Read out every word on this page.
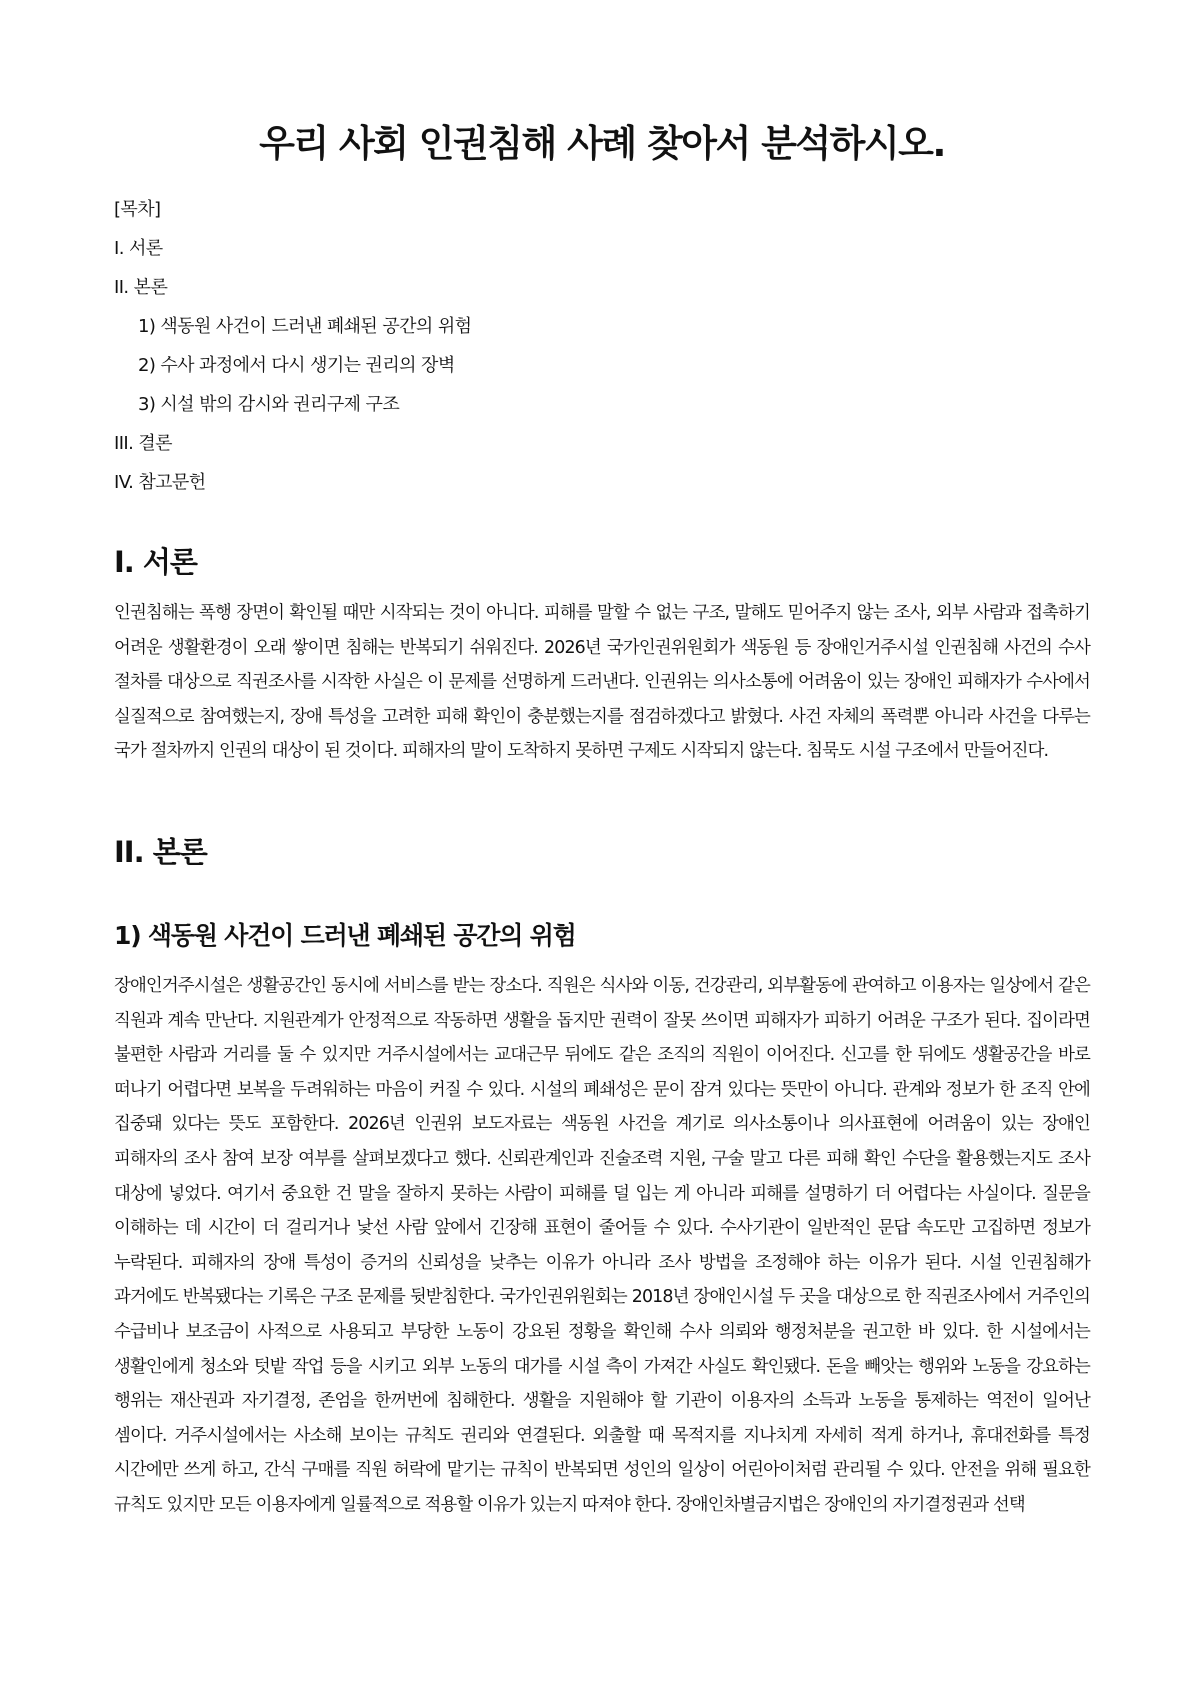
우리 사회 인권침해 사례 찾아서 분석하시오.
[목차]
I. 서론
II. 본론
1) 색동원 사건이 드러낸 폐쇄된 공간의 위험
2) 수사 과정에서 다시 생기는 권리의 장벽
3) 시설 밖의 감시와 권리구제 구조
III. 결론
IV. 참고문헌
I. 서론

인권침해는 폭행 장면이 확인될 때만 시작되는 것이 아니다. 피해를 말할 수 없는 구조, 말해도 믿어주지 않는 조사, 외부 사람과 접촉하기 어려운 생활환경이 오래 쌓이면 침해는 반복되기 쉬워진다. 2026년 국가인권위원회가 색동원 등 장애인거주시설 인권침해 사건의 수사 절차를 대상으로 직권조사를 시작한 사실은 이 문제를 선명하게 드러낸다. 인권위는 의사소통에 어려움이 있는 장애인 피해자가 수사에서 실질적으로 참여했는지, 장애 특성을 고려한 피해 확인이 충분했는지를 점검하겠다고 밝혔다. 사건 자체의 폭력뿐 아니라 사건을 다루는 국가 절차까지 인권의 대상이 된 것이다. 피해자의 말이 도착하지 못하면 구제도 시작되지 않는다. 침묵도 시설 구조에서 만들어진다.

II. 본론
1) 색동원 사건이 드러낸 폐쇄된 공간의 위험

장애인거주시설은 생활공간인 동시에 서비스를 받는 장소다. 직원은 식사와 이동, 건강관리, 외부활동에 관여하고 이용자는 일상에서 같은 직원과 계속 만난다. 지원관계가 안정적으로 작동하면 생활을 돕지만 권력이 잘못 쓰이면 피해자가 피하기 어려운 구조가 된다. 집이라면 불편한 사람과 거리를 둘 수 있지만 거주시설에서는 교대근무 뒤에도 같은 조직의 직원이 이어진다. 신고를 한 뒤에도 생활공간을 바로 떠나기 어렵다면 보복을 두려워하는 마음이 커질 수 있다. 시설의 폐쇄성은 문이 잠겨 있다는 뜻만이 아니다. 관계와 정보가 한 조직 안에 집중돼 있다는 뜻도 포함한다. 2026년 인권위 보도자료는 색동원 사건을 계기로 의사소통이나 의사표현에 어려움이 있는 장애인 피해자의 조사 참여 보장 여부를 살펴보겠다고 했다. 신뢰관계인과 진술조력 지원, 구술 말고 다른 피해 확인 수단을 활용했는지도 조사 대상에 넣었다. 여기서 중요한 건 말을 잘하지 못하는 사람이 피해를 덜 입는 게 아니라 피해를 설명하기 더 어렵다는 사실이다. 질문을 이해하는 데 시간이 더 걸리거나 낯선 사람 앞에서 긴장해 표현이 줄어들 수 있다. 수사기관이 일반적인 문답 속도만 고집하면 정보가 누락된다. 피해자의 장애 특성이 증거의 신뢰성을 낮추는 이유가 아니라 조사 방법을 조정해야 하는 이유가 된다. 시설 인권침해가 과거에도 반복됐다는 기록은 구조 문제를 뒷받침한다. 국가인권위원회는 2018년 장애인시설 두 곳을 대상으로 한 직권조사에서 거주인의 수급비나 보조금이 사적으로 사용되고 부당한 노동이 강요된 정황을 확인해 수사 의뢰와 행정처분을 권고한 바 있다. 한 시설에서는 생활인에게 청소와 텃밭 작업 등을 시키고 외부 노동의 대가를 시설 측이 가져간 사실도 확인됐다. 돈을 빼앗는 행위와 노동을 강요하는 행위는 재산권과 자기결정, 존엄을 한꺼번에 침해한다. 생활을 지원해야 할 기관이 이용자의 소득과 노동을 통제하는 역전이 일어난 셈이다. 거주시설에서는 사소해 보이는 규칙도 권리와 연결된다. 외출할 때 목적지를 지나치게 자세히 적게 하거나, 휴대전화를 특정 시간에만 쓰게 하고, 간식 구매를 직원 허락에 맡기는 규칙이 반복되면 성인의 일상이 어린아이처럼 관리될 수 있다. 안전을 위해 필요한 규칙도 있지만 모든 이용자에게 일률적으로 적용할 이유가 있는지 따져야 한다. 장애인차별금지법은 장애인의 자기결정권과 선택
